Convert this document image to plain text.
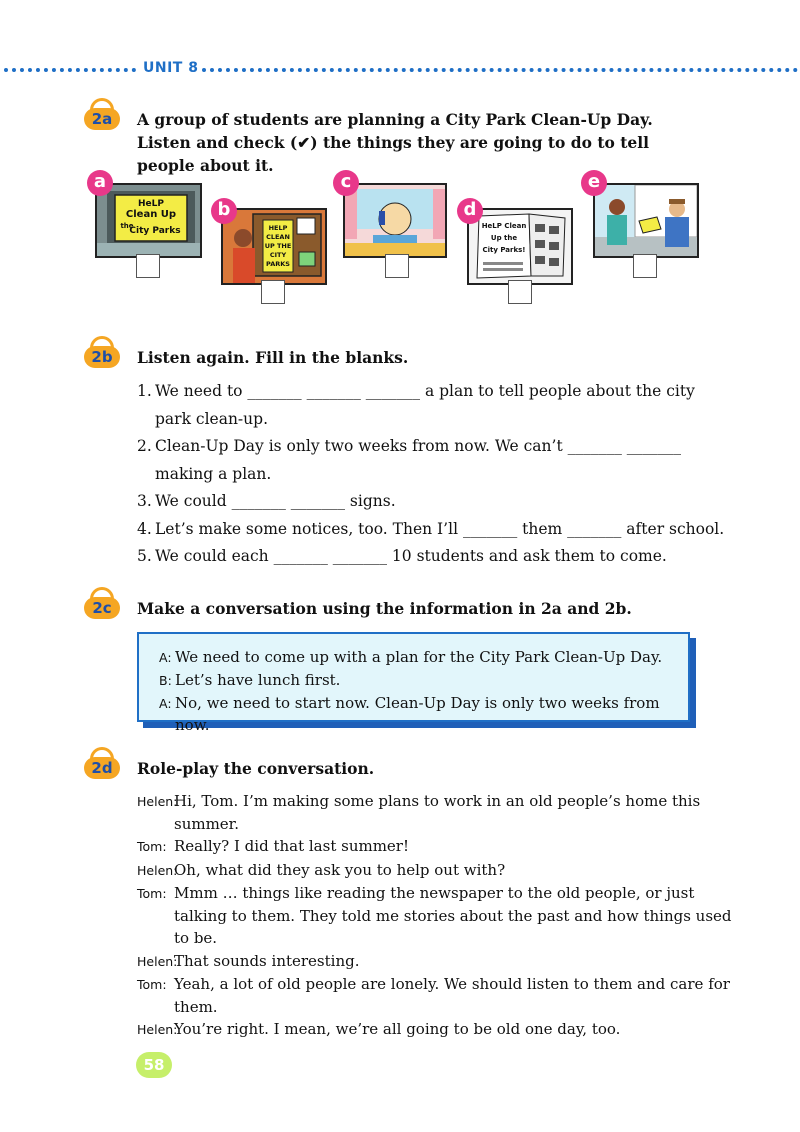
UNIT 8
2a	A group of students are planning a City Park Clean-Up Day. Listen and check (✔) the things they are going to do to tell people about it.
HeLP
Clean Up
the
City Parks
a
HELP
CLEAN
UP THE
CITY
PARKS
b
c
HeLP Clean
Up the
City Parks!
d
e
2b	Listen again. Fill in the blanks.
1. We need to _______ _______ _______ a plan to tell people about the city park clean-up.
2. Clean-Up Day is only two weeks from now. We can’t _______ _______ making a plan.
3. We could _______ _______ signs.
4. Let’s make some notices, too. Then I’ll _______ them _______ after school.
5. We could each _______ _______ 10 students and ask them to come.
2c	Make a conversation using the information in 2a and 2b.
A: We need to come up with a plan for the City Park Clean-Up Day.
B: Let’s have lunch first.
A: No, we need to start now. Clean-Up Day is only two weeks from now.
2d	Role-play the conversation.
Helen:
Hi, Tom. I’m making some plans to work in an old people’s home this summer.
Tom: Really? I did that last summer!
Helen:
Oh, what did they ask you to help out with?
Tom: Mmm … things like reading the newspaper to the old people, or just talking to them. They told me stories about the past and how things used to be.
Helen:
That sounds interesting.
Tom: Yeah, a lot of old people are lonely. We should listen to them and care for them.
Helen:
You’re right. I mean, we’re all going to be old one day, too.
58
